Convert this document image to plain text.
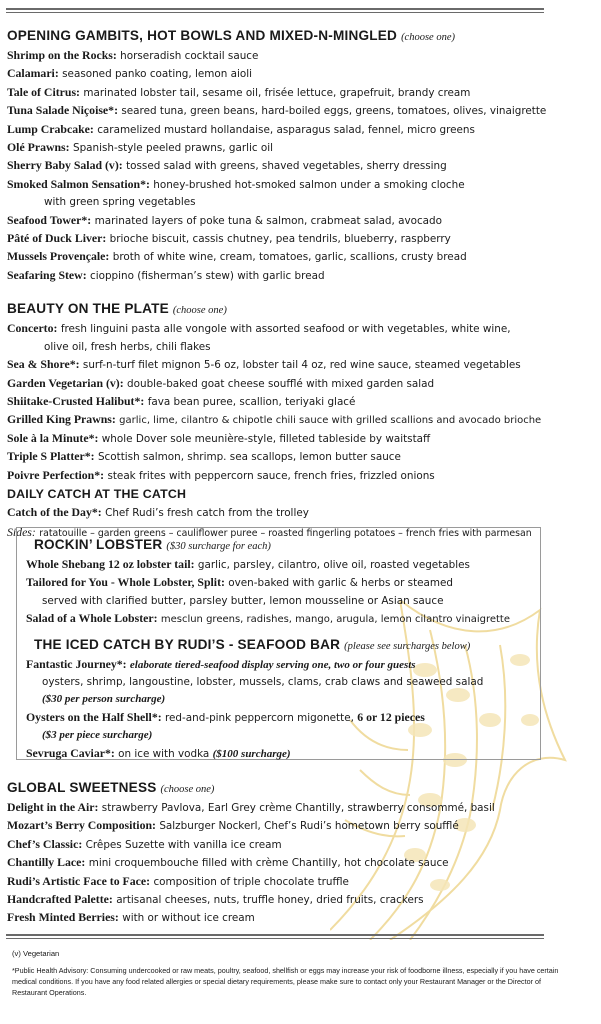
OPENING GAMBITS, HOT BOWLS AND MIXED-N-MINGLED (choose one)
Shrimp on the Rocks: horseradish cocktail sauce
Calamari: seasoned panko coating, lemon aioli
Tale of Citrus: marinated lobster tail, sesame oil, frisée lettuce, grapefruit, brandy cream
Tuna Salade Niçoise*: seared tuna, green beans, hard-boiled eggs, greens, tomatoes, olives, vinaigrette
Lump Crabcake: caramelized mustard hollandaise, asparagus salad, fennel, micro greens
Olé Prawns: Spanish-style peeled prawns, garlic oil
Sherry Baby Salad (v): tossed salad with greens, shaved vegetables, sherry dressing
Smoked Salmon Sensation*: honey-brushed hot-smoked salmon under a smoking cloche
with green spring vegetables
Seafood Tower*: marinated layers of poke tuna & salmon, crabmeat salad, avocado
Pâté of Duck Liver: brioche biscuit, cassis chutney, pea tendrils, blueberry, raspberry
Mussels Provençale: broth of white wine, cream, tomatoes, garlic, scallions, crusty bread
Seafaring Stew: cioppino (fisherman’s stew) with garlic bread
BEAUTY ON THE PLATE (choose one)
Concerto: fresh linguini pasta alle vongole with assorted seafood or with vegetables, white wine,
olive oil, fresh herbs, chili flakes
Sea & Shore*: surf-n-turf filet mignon 5-6 oz, lobster tail 4 oz, red wine sauce, steamed vegetables
Garden Vegetarian (v): double-baked goat cheese soufflé with mixed garden salad
Shiitake-Crusted Halibut*: fava bean puree, scallion, teriyaki glacé
Grilled King Prawns: garlic, lime, cilantro & chipotle chili sauce with grilled scallions and avocado brioche
Sole à la Minute*: whole Dover sole meunière-style, filleted tableside by waitstaff
Triple S Platter*: Scottish salmon, shrimp. sea scallops, lemon butter sauce
Poivre Perfection*: steak frites with peppercorn sauce, french fries, frizzled onions
DAILY CATCH AT THE CATCH
Catch of the Day*: Chef Rudi’s fresh catch from the trolley
Sides: ratatouille – garden greens – cauliflower puree – roasted fingerling potatoes – french fries with parmesan
ROCKIN’ LOBSTER ($30 surcharge for each)
Whole Shebang 12 oz lobster tail: garlic, parsley, cilantro, olive oil, roasted vegetables
Tailored for You - Whole Lobster, Split: oven-baked with garlic & herbs or steamed
served with clarified butter, parsley butter, lemon mousseline or Asian sauce
Salad of a Whole Lobster: mesclun greens, radishes, mango, arugula, lemon cilantro vinaigrette
THE ICED CATCH BY RUDI’S - SEAFOOD BAR (please see surcharges below)
Fantastic Journey*: elaborate tiered-seafood display serving one, two or four guests
oysters, shrimp, langoustine, lobster, mussels, clams, crab claws and seaweed salad
($30 per person surcharge)
Oysters on the Half Shell*: red-and-pink peppercorn migonette, 6 or 12 pieces
($3 per piece surcharge)
Sevruga Caviar*: on ice with vodka ($100 surcharge)
GLOBAL SWEETNESS (choose one)
Delight in the Air: strawberry Pavlova, Earl Grey crème Chantilly, strawberry consommé, basil
Mozart’s Berry Composition: Salzburger Nockerl, Chef’s Rudi’s hometown berry soufflé
Chef’s Classic: Crêpes Suzette with vanilla ice cream
Chantilly Lace: mini croquembouche filled with crème Chantilly, hot chocolate sauce
Rudi’s Artistic Face to Face: composition of triple chocolate truffle
Handcrafted Palette: artisanal cheeses, nuts, truffle honey, dried fruits, crackers
Fresh Minted Berries: with or without ice cream
(v) Vegetarian
*Public Health Advisory: Consuming undercooked or raw meats, poultry, seafood, shellfish or eggs may increase your risk of foodborne illness, especially if you have certain medical conditions. If you have any food related allergies or special dietary requirements, please make sure to contact only your Restaurant Manager or the Director of Restaurant Operations.
